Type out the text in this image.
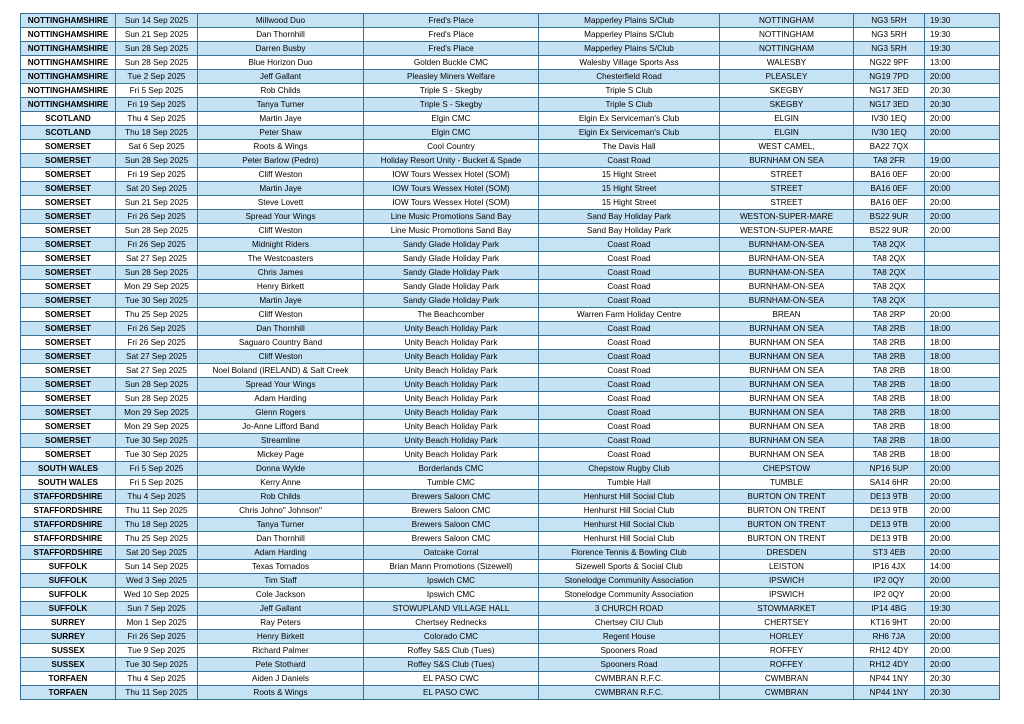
NOTTINGHAMSHIRE	Sun 14 Sep 2025	Millwood Duo	Fred's Place	Mapperley Plains S/Club	NOTTINGHAM	NG3 5RH	19:30
NOTTINGHAMSHIRE	Sun 21 Sep 2025	Dan Thornhill	Fred's Place	Mapperley Plains S/Club	NOTTINGHAM	NG3 5RH	19:30
NOTTINGHAMSHIRE	Sun 28 Sep 2025	Darren Busby	Fred's Place	Mapperley Plains S/Club	NOTTINGHAM	NG3 5RH	19:30
NOTTINGHAMSHIRE	Sun 28 Sep 2025	Blue Horizon Duo	Golden Buckle CMC	Walesby Village Sports Ass	WALESBY	NG22 9PF	13:00
NOTTINGHAMSHIRE	Tue 2 Sep 2025	Jeff Gallant	Pleasley Miners Welfare	Chesterfield Road	PLEASLEY	NG19 7PD	20:00
NOTTINGHAMSHIRE	Fri 5 Sep 2025	Rob Childs	Triple S - Skegby	Triple S Club	SKEGBY	NG17 3ED	20:30
NOTTINGHAMSHIRE	Fri 19 Sep 2025	Tanya Turner	Triple S - Skegby	Triple S Club	SKEGBY	NG17 3ED	20:30
SCOTLAND	Thu 4 Sep 2025	Martin Jaye	Elgin CMC	Elgin Ex Serviceman's Club	ELGIN	IV30 1EQ	20:00
SCOTLAND	Thu 18 Sep 2025	Peter Shaw	Elgin CMC	Elgin Ex Serviceman's Club	ELGIN	IV30 1EQ	20:00
SOMERSET	Sat 6 Sep 2025	Roots & Wings	Cool Country	The Davis Hall	WEST CAMEL,	BA22 7QX	
SOMERSET	Sun 28 Sep 2025	Peter Barlow (Pedro)	Holiday Resort Unity - Bucket & Spade	Coast Road	BURNHAM ON SEA	TA8 2FR	19:00
SOMERSET	Fri 19 Sep 2025	Cliff Weston	IOW Tours Wessex Hotel (SOM)	15 Hight Street	STREET	BA16 0EF	20:00
SOMERSET	Sat 20 Sep 2025	Martin Jaye	IOW Tours Wessex Hotel (SOM)	15 Hight Street	STREET	BA16 0EF	20:00
SOMERSET	Sun 21 Sep 2025	Steve Lovett	IOW Tours Wessex Hotel (SOM)	15 Hight Street	STREET	BA16 0EF	20:00
SOMERSET	Fri 26 Sep 2025	Spread Your Wings	Line Music Promotions Sand Bay	Sand Bay Holiday Park	WESTON-SUPER-MARE	BS22 9UR	20:00
SOMERSET	Sun 28 Sep 2025	Cliff Weston	Line Music Promotions Sand Bay	Sand Bay Holiday Park	WESTON-SUPER-MARE	BS22 9UR	20:00
SOMERSET	Fri 26 Sep 2025	Midnight Riders	Sandy Glade Holiday Park	Coast Road	BURNHAM-ON-SEA	TA8 2QX	
SOMERSET	Sat 27 Sep 2025	The Westcoasters	Sandy Glade Holiday Park	Coast Road	BURNHAM-ON-SEA	TA8 2QX	
SOMERSET	Sun 28 Sep 2025	Chris James	Sandy Glade Holiday Park	Coast Road	BURNHAM-ON-SEA	TA8 2QX	
SOMERSET	Mon 29 Sep 2025	Henry Birkett	Sandy Glade Holiday Park	Coast Road	BURNHAM-ON-SEA	TA8 2QX	
SOMERSET	Tue 30 Sep 2025	Martin Jaye	Sandy Glade Holiday Park	Coast Road	BURNHAM-ON-SEA	TA8 2QX	
SOMERSET	Thu 25 Sep 2025	Cliff Weston	The Beachcomber	Warren Farm Holiday Centre	BREAN	TA8 2RP	20:00
SOMERSET	Fri 26 Sep 2025	Dan Thornhill	Unity Beach Holiday Park	Coast Road	BURNHAM ON SEA	TA8 2RB	18:00
SOMERSET	Fri 26 Sep 2025	Saguaro Country Band	Unity Beach Holiday Park	Coast Road	BURNHAM ON SEA	TA8 2RB	18:00
SOMERSET	Sat 27 Sep 2025	Cliff Weston	Unity Beach Holiday Park	Coast Road	BURNHAM ON SEA	TA8 2RB	18:00
SOMERSET	Sat 27 Sep 2025	Noel Boland (IRELAND) & Salt Creek	Unity Beach Holiday Park	Coast Road	BURNHAM ON SEA	TA8 2RB	18:00
SOMERSET	Sun 28 Sep 2025	Spread Your Wings	Unity Beach Holiday Park	Coast Road	BURNHAM ON SEA	TA8 2RB	18:00
SOMERSET	Sun 28 Sep 2025	Adam Harding	Unity Beach Holiday Park	Coast Road	BURNHAM ON SEA	TA8 2RB	18:00
SOMERSET	Mon 29 Sep 2025	Glenn Rogers	Unity Beach Holiday Park	Coast Road	BURNHAM ON SEA	TA8 2RB	18:00
SOMERSET	Mon 29 Sep 2025	Jo-Anne Lifford Band	Unity Beach Holiday Park	Coast Road	BURNHAM ON SEA	TA8 2RB	18:00
SOMERSET	Tue 30 Sep 2025	Streamline	Unity Beach Holiday Park	Coast Road	BURNHAM ON SEA	TA8 2RB	18:00
SOMERSET	Tue 30 Sep 2025	Mickey Page	Unity Beach Holiday Park	Coast Road	BURNHAM ON SEA	TA8 2RB	18:00
SOUTH WALES	Fri 5 Sep 2025	Donna Wylde	Borderlands CMC	Chepstow Rugby Club	CHEPSTOW	NP16 5UP	20:00
SOUTH WALES	Fri 5 Sep 2025	Kerry Anne	Tumble CMC	Tumble Hall	TUMBLE	SA14 6HR	20:00
STAFFORDSHIRE	Thu 4 Sep 2025	Rob Childs	Brewers Saloon CMC	Henhurst Hill Social Club	BURTON ON TRENT	DE13 9TB	20:00
STAFFORDSHIRE	Thu 11 Sep 2025	Chris Johno" Johnson"	Brewers Saloon CMC	Henhurst Hill Social Club	BURTON ON TRENT	DE13 9TB	20:00
STAFFORDSHIRE	Thu 18 Sep 2025	Tanya Turner	Brewers Saloon CMC	Henhurst Hill Social Club	BURTON ON TRENT	DE13 9TB	20:00
STAFFORDSHIRE	Thu 25 Sep 2025	Dan Thornhill	Brewers Saloon CMC	Henhurst Hill Social Club	BURTON ON TRENT	DE13 9TB	20:00
STAFFORDSHIRE	Sat 20 Sep 2025	Adam Harding	Oatcake Corral	Florence Tennis & Bowling Club	DRESDEN	ST3 4EB	20:00
SUFFOLK	Sun 14 Sep 2025	Texas Tornados	Brian Mann Promotions (Sizewell)	Sizewell Sports & Social Club	LEISTON	IP16 4JX	14:00
SUFFOLK	Wed 3 Sep 2025	Tim Staff	Ipswich CMC	Stonelodge Community Association	IPSWICH	IP2 0QY	20:00
SUFFOLK	Wed 10 Sep 2025	Cole Jackson	Ipswich CMC	Stonelodge Community Association	IPSWICH	IP2 0QY	20:00
SUFFOLK	Sun 7 Sep 2025	Jeff Gallant	STOWUPLAND VILLAGE HALL	3 CHURCH ROAD	STOWMARKET	IP14 4BG	19:30
SURREY	Mon 1 Sep 2025	Ray Peters	Chertsey Rednecks	Chertsey CIU Club	CHERTSEY	KT16 9HT	20:00
SURREY	Fri 26 Sep 2025	Henry Birkett	Colorado CMC	Regent House	HORLEY	RH6 7JA	20:00
SUSSEX	Tue 9 Sep 2025	Richard Palmer	Roffey S&S Club (Tues)	Spooners Road	ROFFEY	RH12 4DY	20:00
SUSSEX	Tue 30 Sep 2025	Pete Stothard	Roffey S&S Club (Tues)	Spooners Road	ROFFEY	RH12 4DY	20:00
TORFAEN	Thu 4 Sep 2025	Aiden J Daniels	EL PASO CWC	CWMBRAN R.F.C.	CWMBRAN	NP44 1NY	20:30
TORFAEN	Thu 11 Sep 2025	Roots & Wings	EL PASO CWC	CWMBRAN R.F.C.	CWMBRAN	NP44 1NY	20:30
